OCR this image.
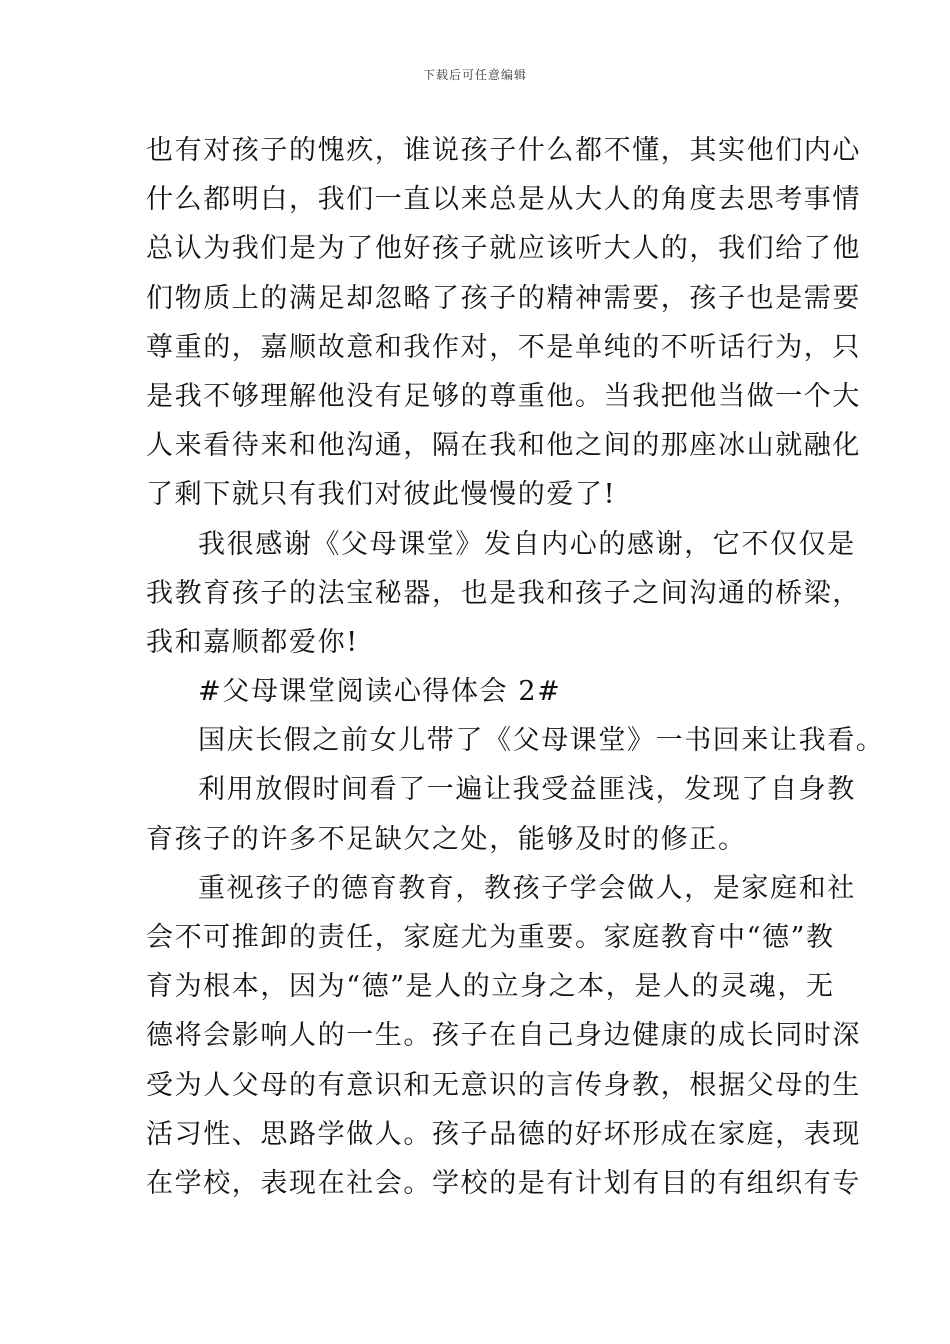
下载后可任意编辑
也有对孩子的愧疚，谁说孩子什么都不懂，其实他们内心
什么都明白，我们一直以来总是从大人的角度去思考事情
总认为我们是为了他好孩子就应该听大人的，我们给了他
们物质上的满足却忽略了孩子的精神需要，孩子也是需要
尊重的，嘉顺故意和我作对，不是单纯的不听话行为，只
是我不够理解他没有足够的尊重他。当我把他当做一个大
人来看待来和他沟通，隔在我和他之间的那座冰山就融化
了剩下就只有我们对彼此慢慢的爱了!
我很感谢《父母课堂》发自内心的感谢，它不仅仅是
我教育孩子的法宝秘器，也是我和孩子之间沟通的桥梁，
我和嘉顺都爱你!
#父母课堂阅读心得体会 2#
国庆长假之前女儿带了《父母课堂》一书回来让我看。
利用放假时间看了一遍让我受益匪浅，发现了自身教
育孩子的许多不足缺欠之处，能够及时的修正。
重视孩子的德育教育，教孩子学会做人，是家庭和社
会不可推卸的责任，家庭尤为重要。家庭教育中“德”教
育为根本，因为“德”是人的立身之本，是人的灵魂，无
德将会影响人的一生。孩子在自己身边健康的成长同时深
受为人父母的有意识和无意识的言传身教，根据父母的生
活习性、思路学做人。孩子品德的好坏形成在家庭，表现
在学校，表现在社会。学校的是有计划有目的有组织有专
